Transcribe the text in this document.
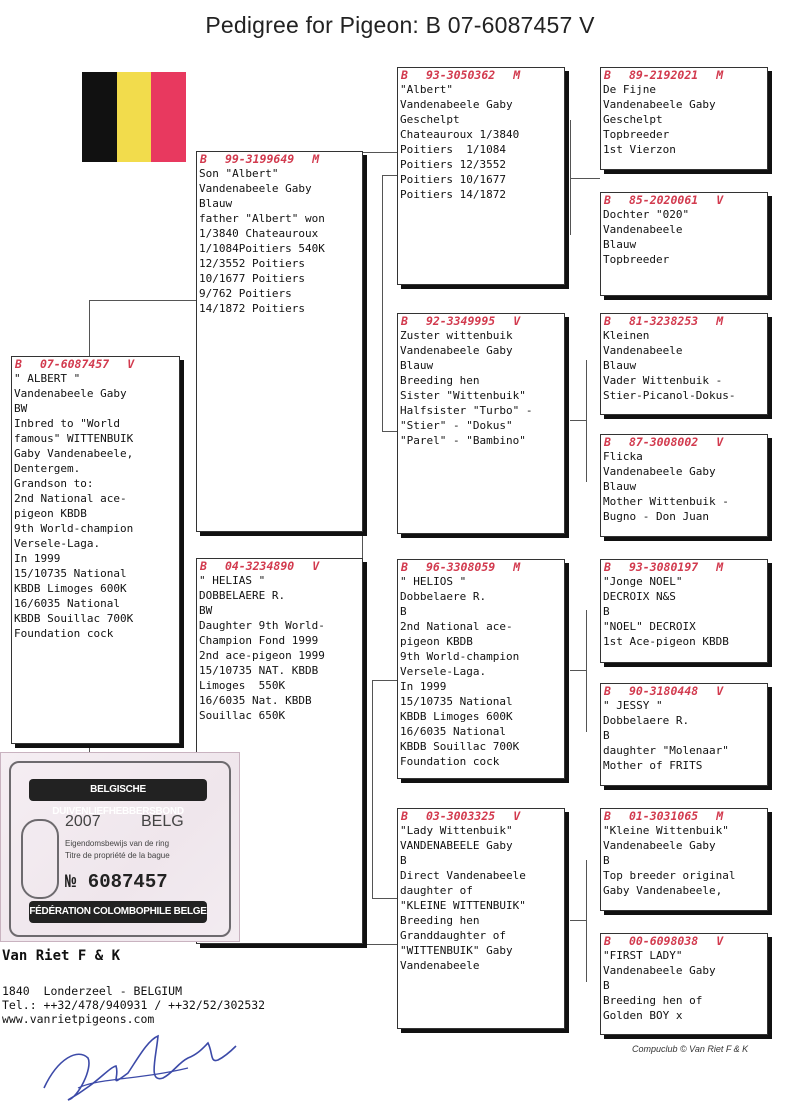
Pedigree for Pigeon: B 07-6087457 V
B 07-6087457 V
" ALBERT "
Vandenabeele Gaby
BW
Inbred to "World
famous" WITTENBUIK
Gaby Vandenabeele,
Dentergem.
Grandson to:
2nd National ace-
pigeon KBDB
9th World-champion
Versele-Laga.
In 1999
15/10735 National
KBDB Limoges 600K
16/6035 National
KBDB Souillac 700K
Foundation cock
B 99-3199649 M
Son "Albert"
Vandenabeele Gaby
Blauw
father "Albert" won
1/3840 Chateauroux
1/1084Poitiers 540K
12/3552 Poitiers
10/1677 Poitiers
9/762 Poitiers
14/1872 Poitiers
B 04-3234890 V
" HELIAS "
DOBBELAERE R.
BW
Daughter 9th World-
Champion Fond 1999
2nd ace-pigeon 1999
15/10735 NAT. KBDB
Limoges  550K
16/6035 Nat. KBDB
Souillac 650K
B 93-3050362 M
"Albert"
Vandenabeele Gaby
Geschelpt
Chateauroux 1/3840
Poitiers  1/1084
Poitiers 12/3552
Poitiers 10/1677
Poitiers 14/1872
B 92-3349995 V
Zuster wittenbuik
Vandenabeele Gaby
Blauw
Breeding hen
Sister "Wittenbuik"
Halfsister "Turbo" -
"Stier" - "Dokus"
"Parel" - "Bambino"
B 96-3308059 M
" HELIOS "
Dobbelaere R.
B
2nd National ace-
pigeon KBDB
9th World-champion
Versele-Laga.
In 1999
15/10735 National
KBDB Limoges 600K
16/6035 National
KBDB Souillac 700K
Foundation cock
B 03-3003325 V
"Lady Wittenbuik"
VANDENABEELE Gaby
B
Direct Vandenabeele
daughter of
"KLEINE WITTENBUIK"
Breeding hen
Granddaughter of
"WITTENBUIK" Gaby
Vandenabeele
B 89-2192021 M
De Fijne
Vandenabeele Gaby
Geschelpt
Topbreeder
1st Vierzon
B 85-2020061 V
Dochter "020"
Vandenabeele
Blauw
Topbreeder
B 81-3238253 M
Kleinen
Vandenabeele
Blauw
Vader Wittenbuik -
Stier-Picanol-Dokus-
B 87-3008002 V
Flicka
Vandenabeele Gaby
Blauw
Mother Wittenbuik -
Bugno - Don Juan
B 93-3080197 M
"Jonge NOEL"
DECROIX N&S
B
"NOEL" DECROIX
1st Ace-pigeon KBDB
B 90-3180448 V
" JESSY "
Dobbelaere R.
B
daughter "Molenaar"
Mother of FRITS
B 01-3031065 M
"Kleine Wittenbuik"
Vandenabeele Gaby
B
Top breeder original
Gaby Vandenabeele,
B 00-6098038 V
"FIRST LADY"
Vandenabeele Gaby
B
Breeding hen of
Golden BOY x
BELGISCHE DUIVENLIEFHEBBERSBOND
2007	BELG
Eigendomsbewijs van de ring
Titre de propriété de la bague
№ 6087457
FÉDÉRATION COLOMBOPHILE BELGE
Van Riet F & K
1840  Londerzeel - BELGIUM
Tel.: ++32/478/940931 / ++32/52/302532
www.vanrietpigeons.com
Compuclub © Van Riet F & K
